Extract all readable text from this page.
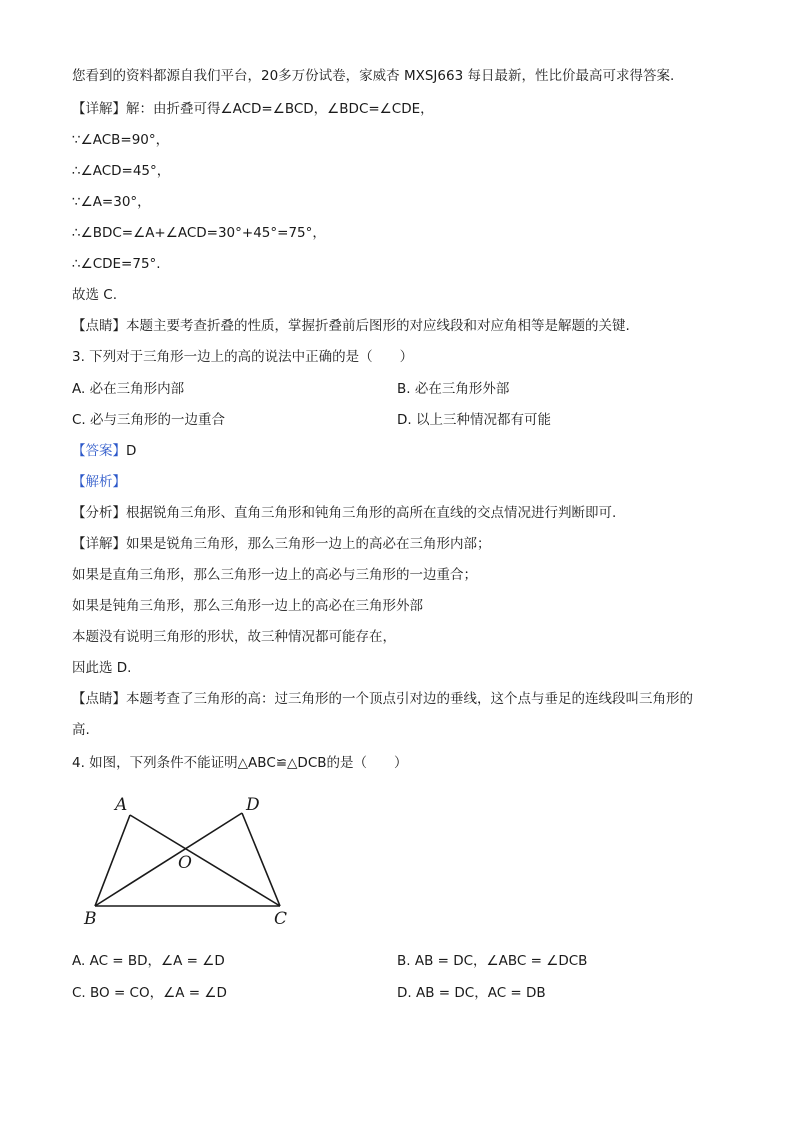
您看到的资料都源自我们平台，20多万份试卷，家威杏 MXSJ663 每日最新，性比价最高可求得答案.
【详解】解：由折叠可得∠ACD=∠BCD，∠BDC=∠CDE，
∵∠ACB=90°，
∴∠ACD=45°，
∵∠A=30°，
∴∠BDC=∠A+∠ACD=30°+45°=75°，
∴∠CDE=75°.
故选 C.
【点睛】本题主要考查折叠的性质，掌握折叠前后图形的对应线段和对应角相等是解题的关键.
3. 下列对于三角形一边上的高的说法中正确的是（　　）
A. 必在三角形内部	B. 必在三角形外部
C. 必与三角形的一边重合	D. 以上三种情况都有可能
【答案】D
【解析】
【分析】根据锐角三角形、直角三角形和钝角三角形的高所在直线的交点情况进行判断即可.
【详解】如果是锐角三角形，那么三角形一边上的高必在三角形内部；
如果是直角三角形，那么三角形一边上的高必与三角形的一边重合；
如果是钝角三角形，那么三角形一边上的高必在三角形外部
本题没有说明三角形的形状，故三种情况都可能存在，
因此选 D.
【点睛】本题考查了三角形的高：过三角形的一个顶点引对边的垂线，这个点与垂足的连线段叫三角形的
高.
4. 如图，下列条件不能证明△ABC≌△DCB的是（　　）
A	D
O
B	C
A. AC = BD，∠A = ∠D	B. AB = DC，∠ABC = ∠DCB
C. BO = CO，∠A = ∠D	D. AB = DC，AC = DB
